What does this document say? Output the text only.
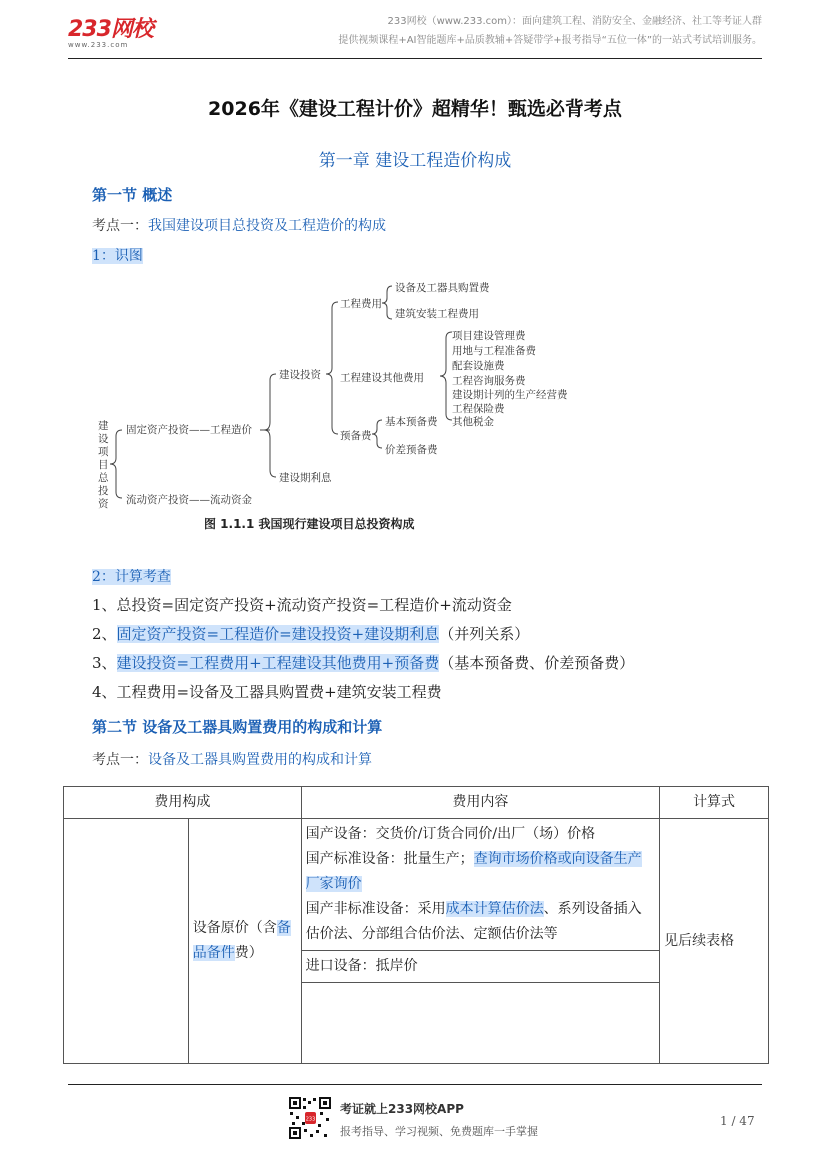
233网校
www.233.com
233网校（www.233.com）：面向建筑工程、消防安全、金融经济、社工等考证人群
提供视频课程+AI智能题库+品质教辅+答疑带学+报考指导“五位一体”的一站式考试培训服务。
2026年《建设工程计价》超精华！甄选必背考点
第一章 建设工程造价构成
第一节 概述
考点一：我国建设项目总投资及工程造价的构成
1：识图
建设项目总投资
固定资产投资——工程造价
流动资产投资——流动资金
建设投资
建设期利息
工程费用
工程建设其他费用
预备费
设备及工器具购置费
建筑安装工程费用
项目建设管理费
用地与工程准备费
配套设施费
工程咨询服务费
建设期计列的生产经营费
工程保险费
其他税金
基本预备费
价差预备费
图 1.1.1 我国现行建设项目总投资构成
2：计算考查
1、总投资=固定资产投资+流动资产投资=工程造价+流动资金
2、固定资产投资=工程造价=建设投资+建设期利息（并列关系）
3、建设投资=工程费用+工程建设其他费用+预备费（基本预备费、价差预备费）
4、工程费用=设备及工器具购置费+建筑安装工程费
第二节 设备及工器具购置费用的构成和计算
考点一：设备及工器具购置费用的构成和计算
费用构成		费用内容	计算式
	设备原价（含备品备件费）	国产设备：交货价/订货合同价/出厂（场）价格
国产标准设备：批量生产；查询市场价格或向设备生产厂家询价
国产非标准设备：采用成本计算估价法、系列设备插入估价法、分部组合估价法、定额估价法等	见后续表格
		进口设备：抵岸价	

233
考证就上233网校APP
报考指导、学习视频、免费题库一手掌握
1 / 47
